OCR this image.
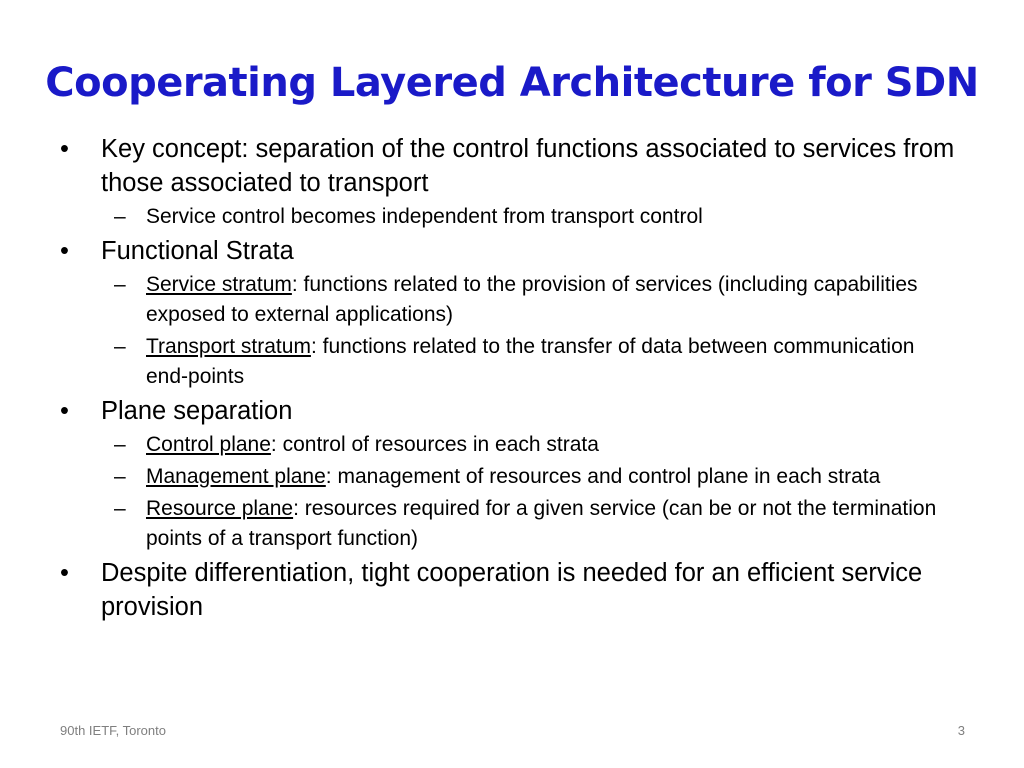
Cooperating Layered Architecture for SDN
•	Key concept: separation of the control functions associated to services from those associated to transport
– Service control becomes independent from transport control
•	Functional Strata
– Service stratum: functions related to the provision of services (including capabilities exposed to external applications)
– Transport stratum: functions related to the transfer of data between communication end-points
•	Plane separation
– Control plane: control of resources in each strata
– Management plane: management of resources and control plane in each strata
– Resource plane: resources required for a given service (can be or not the termination points of a transport function)
•	Despite differentiation, tight cooperation is needed for an efficient service provision
90th IETF, Toronto	3
